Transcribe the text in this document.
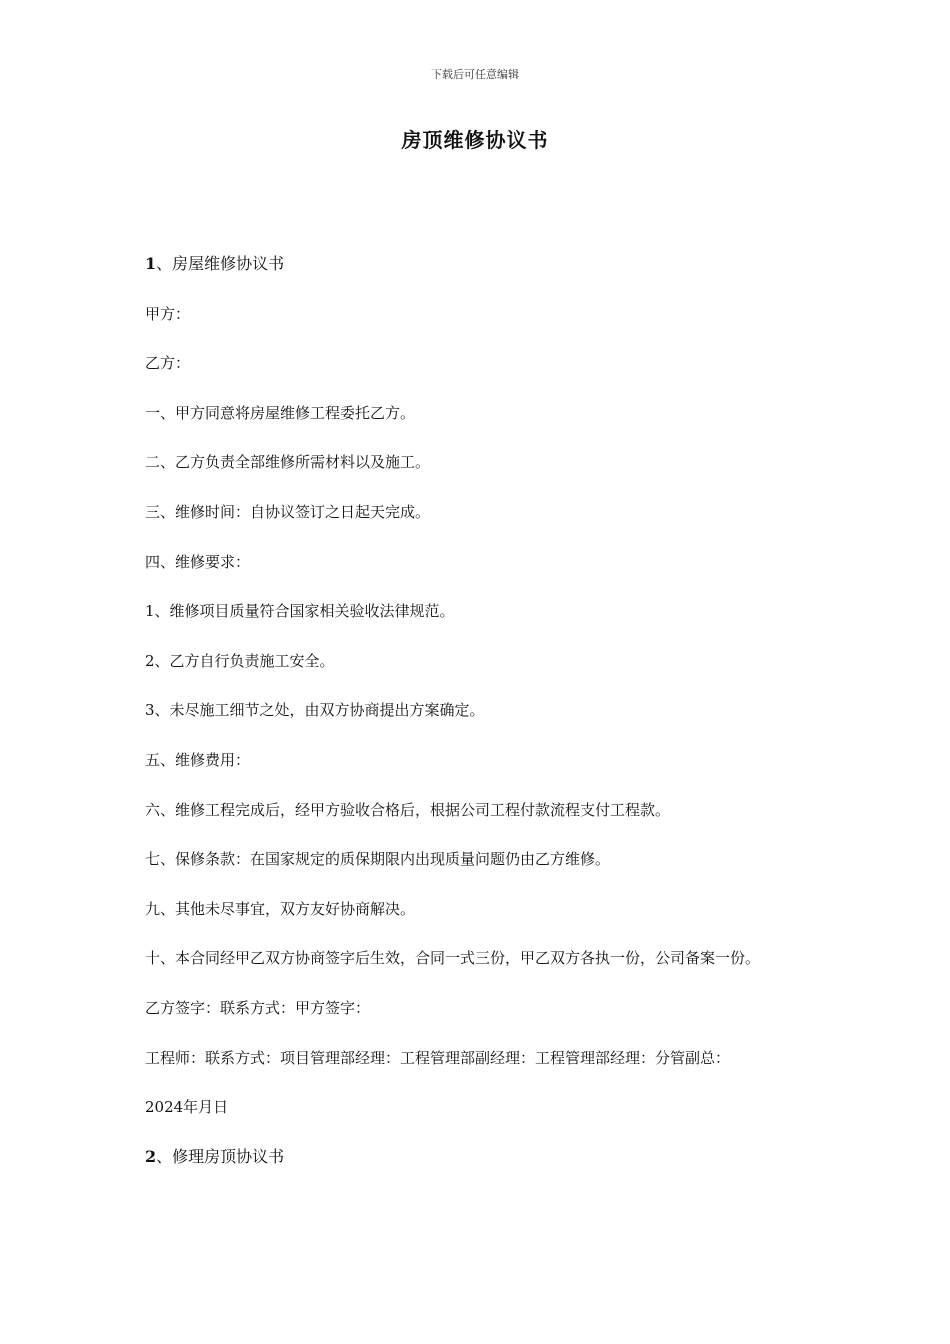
下载后可任意编辑
房顶维修协议书
1、房屋维修协议书
甲方：
乙方：
一、甲方同意将房屋维修工程委托乙方。
二、乙方负责全部维修所需材料以及施工。
三、维修时间：自协议签订之日起天完成。
四、维修要求：
1、维修项目质量符合国家相关验收法律规范。
2、乙方自行负责施工安全。
3、未尽施工细节之处，由双方协商提出方案确定。
五、维修费用：
六、维修工程完成后，经甲方验收合格后，根据公司工程付款流程支付工程款。
七、保修条款：在国家规定的质保期限内出现质量问题仍由乙方维修。
九、其他未尽事宜，双方友好协商解决。
十、本合同经甲乙双方协商签字后生效，合同一式三份，甲乙双方各执一份，公司备案一份。
乙方签字：联系方式：甲方签字：
工程师：联系方式：项目管理部经理：工程管理部副经理：工程管理部经理：分管副总：
2024年月日
2、修理房顶协议书
